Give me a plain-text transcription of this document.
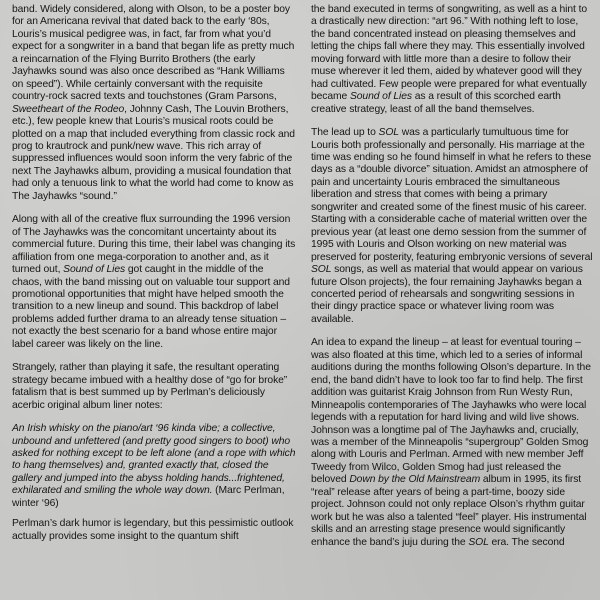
band. Widely considered, along with Olson, to be a poster boy for an Americana revival that dated back to the early ‘80s, Louris’s musical pedigree was, in fact, far from what you’d expect for a songwriter in a band that began life as pretty much a reincarnation of the Flying Burrito Brothers (the early Jayhawks sound was also once described as “Hank Williams on speed”). While certainly conversant with the requisite country-rock sacred texts and touchstones (Gram Parsons, Sweetheart of the Rodeo, Johnny Cash, The Louvin Brothers, etc.), few people knew that Louris’s musical roots could be plotted on a map that included everything from classic rock and prog to krautrock and punk/new wave. This rich array of suppressed influences would soon inform the very fabric of the next The Jayhawks album, providing a musical foundation that had only a tenuous link to what the world had come to know as The Jayhawks “sound.”

Along with all of the creative flux surrounding the 1996 version of The Jayhawks was the concomitant uncertainty about its commercial future. During this time, their label was changing its affiliation from one mega-corporation to another and, as it turned out, Sound of Lies got caught in the middle of the chaos, with the band missing out on valuable tour support and promotional opportunities that might have helped smooth the transition to a new lineup and sound. This backdrop of label problems added further drama to an already tense situation – not exactly the best scenario for a band whose entire major label career was likely on the line.

Strangely, rather than playing it safe, the resultant operating strategy became imbued with a healthy dose of “go for broke” fatalism that is best summed up by Perlman’s deliciously acerbic original album liner notes:

An Irish whisky on the piano/art ‘96 kinda vibe; a collective, unbound and unfettered (and pretty good singers to boot) who asked for nothing except to be left alone (and a rope with which to hang themselves) and, granted exactly that, closed the gallery and jumped into the abyss holding hands...frightened, exhilarated and smiling the whole way down. (Marc Perlman, winter ‘96)

Perlman’s dark humor is legendary, but this pessimistic outlook actually provides some insight to the quantum shift

the band executed in terms of songwriting, as well as a hint to a drastically new direction: “art 96.” With nothing left to lose, the band concentrated instead on pleasing themselves and letting the chips fall where they may. This essentially involved moving forward with little more than a desire to follow their muse wherever it led them, aided by whatever good will they had cultivated. Few people were prepared for what eventually became Sound of Lies as a result of this scorched earth creative strategy, least of all the band themselves.

The lead up to SOL was a particularly tumultuous time for Louris both professionally and personally. His marriage at the time was ending so he found himself in what he refers to these days as a “double divorce” situation. Amidst an atmosphere of pain and uncertainty Louris embraced the simultaneous liberation and stress that comes with being a primary songwriter and created some of the finest music of his career. Starting with a considerable cache of material written over the previous year (at least one demo session from the summer of 1995 with Louris and Olson working on new material was preserved for posterity, featuring embryonic versions of several SOL songs, as well as material that would appear on various future Olson projects), the four remaining Jayhawks began a concerted period of rehearsals and songwriting sessions in their dingy practice space or whatever living room was available.

An idea to expand the lineup – at least for eventual touring – was also floated at this time, which led to a series of informal auditions during the months following Olson’s departure. In the end, the band didn’t have to look too far to find help. The first addition was guitarist Kraig Johnson from Run Westy Run, Minneapolis contemporaries of The Jayhawks who were local legends with a reputation for hard living and wild live shows. Johnson was a longtime pal of The Jayhawks and, crucially, was a member of the Minneapolis “supergroup” Golden Smog along with Louris and Perlman. Armed with new member Jeff Tweedy from Wilco, Golden Smog had just released the beloved Down by the Old Mainstream album in 1995, its first “real” release after years of being a part-time, boozy side project. Johnson could not only replace Olson’s rhythm guitar work but he was also a talented “feel” player. His instrumental skills and an arresting stage presence would significantly enhance the band’s juju during the SOL era. The second
